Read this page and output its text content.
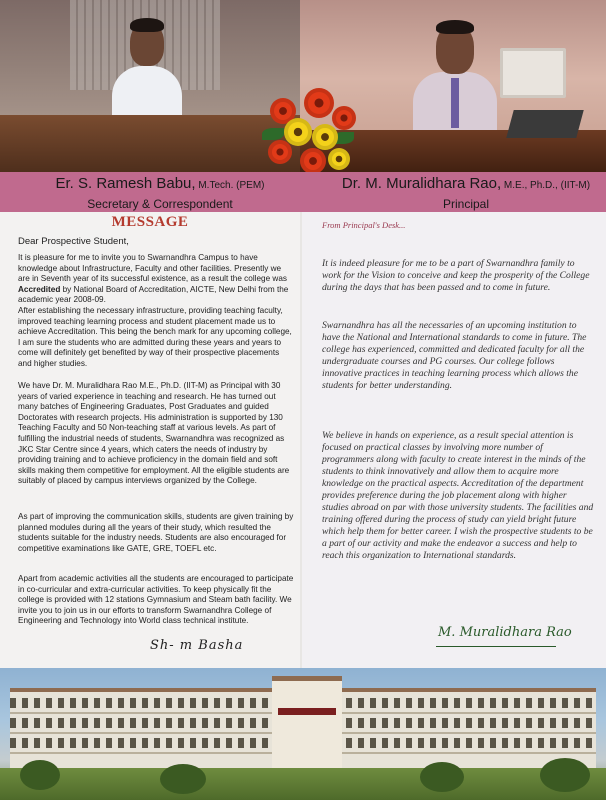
Er. S. Ramesh Babu, M.Tech. (PEM)
Secretary & Correspondent
Dr. M. Muralidhara Rao, M.E., Ph.D., (IIT-M)
Principal
MESSAGE
Dear Prospective Student,

It is pleasure for me to invite you to Swarnandhra Campus to have knowledge about Infrastructure, Faculty and other facilities. Presently we are in Seventh year of its successful existence, as a result the college was Accredited by National Board of Accreditation, AICTE, New Delhi from the academic year 2008-09.

After establishing the necessary infrastructure, providing teaching faculty, improved teaching learning process and student placement made us to achieve Accreditation. This being the bench mark for any upcoming college, I am sure the students who are admitted during these years and years to come will definitely get benefited by way of their prospective placements and higher studies.

We have Dr. M. Muralidhara Rao M.E., Ph.D. (IIT-M) as Principal with 30 years of varied experience in teaching and research. He has turned out many batches of Engineering Graduates, Post Graduates and guided Doctorates with research projects. His administration is supported by 130 Teaching Faculty and 50 Non-teaching staff at various levels. As part of fulfilling the industrial needs of students, Swarnandhra was recognized as JKC Star Centre since 4 years, which caters the needs of industry by providing training and to achieve proficiency in the domain field and soft skills making them competitive for employment. All the eligible students are suitably of placed by campus interviews organized by the College.

As part of improving the communication skills, students are given training by planned modules during all the years of their study, which resulted the students suitable for the industry needs. Students are also encouraged for competitive examinations like GATE, GRE, TOEFL etc.

Apart from academic activities all the students are encouraged to participate in co-curricular and extra-curricular activities. To keep physically fit the college is provided with 12 stations Gymnasium and Steam bath facility. We invite you to join us in our efforts to transform Swarnandhra College of Engineering and Technology into World class technical institute.

Sh- m Basha
From Principal's Desk...

It is indeed pleasure for me to be a part of Swarnandhra family to work for the Vision to conceive and keep the prosperity of the College during the days that has been passed and to come in future.

Swarnandhra has all the necessaries of an upcoming institution to have the National and International standards to come in future. The college has experienced, committed and dedicated faculty for all the undergraduate courses and PG courses. Our college follows innovative practices in teaching learning process which allows the students for better understanding.

We believe in hands on experience, as a result special attention is focused on practical classes by involving more number of programmers along with faculty to create interest in the minds of the students to think innovatively and allow them to acquire more knowledge on the practical aspects. Accreditation of the department provides preference during the job placement along with higher studies abroad on par with those university students. The facilities and training offered during the process of study can yield bright future which help them for better career. I wish the prospective students to be a part of our activity and make the endeavor a success and help to reach this organization to International standards.

M. Muralidhara Rao
